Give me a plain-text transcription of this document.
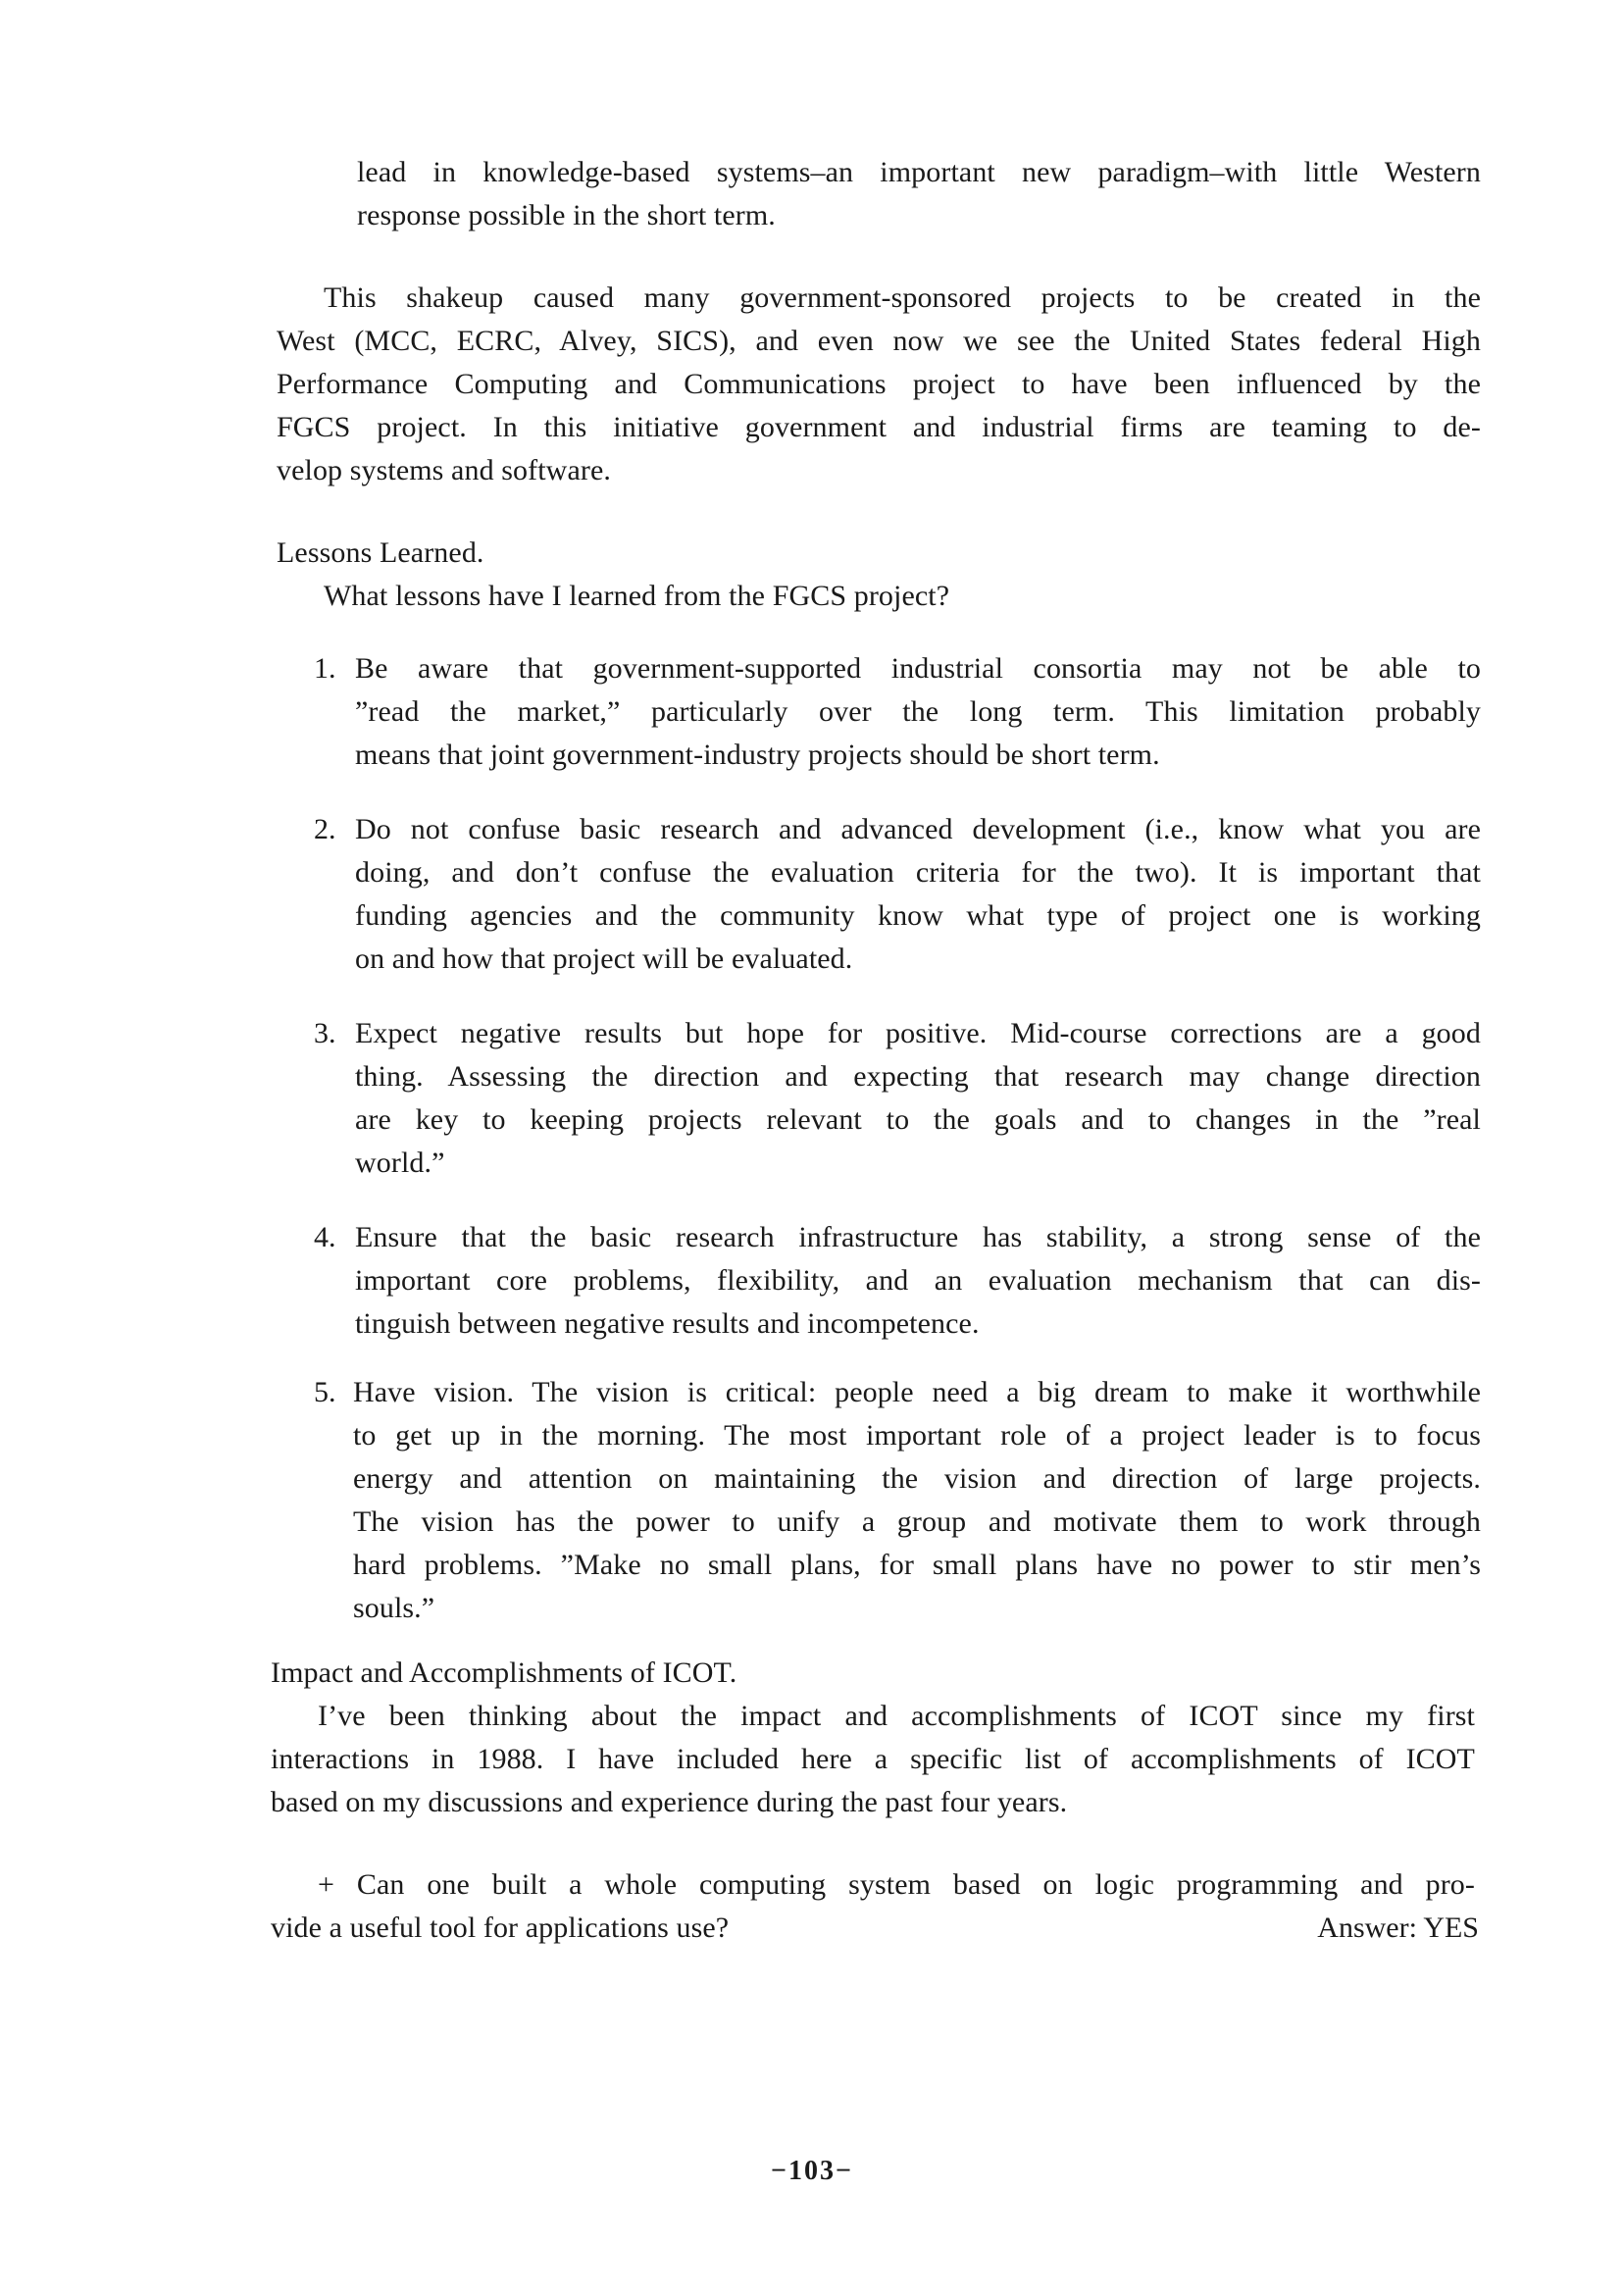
lead in knowledge-based systems–an important new paradigm–with little Western
response possible in the short term.
This shakeup caused many government-sponsored projects to be created in the
West (MCC, ECRC, Alvey, SICS), and even now we see the United States federal High
Performance Computing and Communications project to have been influenced by the
FGCS project. In this initiative government and industrial firms are teaming to de-
velop systems and software.
Lessons Learned.
What lessons have I learned from the FGCS project?
1. Be aware that government-supported industrial consortia may not be able to
”read the market,” particularly over the long term. This limitation probably
means that joint government-industry projects should be short term.
2. Do not confuse basic research and advanced development (i.e., know what you are
doing, and don’t confuse the evaluation criteria for the two). It is important that
funding agencies and the community know what type of project one is working
on and how that project will be evaluated.
3. Expect negative results but hope for positive. Mid-course corrections are a good
thing. Assessing the direction and expecting that research may change direction
are key to keeping projects relevant to the goals and to changes in the ”real
world.”
4. Ensure that the basic research infrastructure has stability, a strong sense of the
important core problems, flexibility, and an evaluation mechanism that can dis-
tinguish between negative results and incompetence.
5. Have vision. The vision is critical: people need a big dream to make it worthwhile
to get up in the morning. The most important role of a project leader is to focus
energy and attention on maintaining the vision and direction of large projects.
The vision has the power to unify a group and motivate them to work through
hard problems. ”Make no small plans, for small plans have no power to stir men’s
souls.”
Impact and Accomplishments of ICOT.
I’ve been thinking about the impact and accomplishments of ICOT since my first
interactions in 1988. I have included here a specific list of accomplishments of ICOT
based on my discussions and experience during the past four years.
+ Can one built a whole computing system based on logic programming and pro-
vide a useful tool for applications use?	Answer: YES
−103−
